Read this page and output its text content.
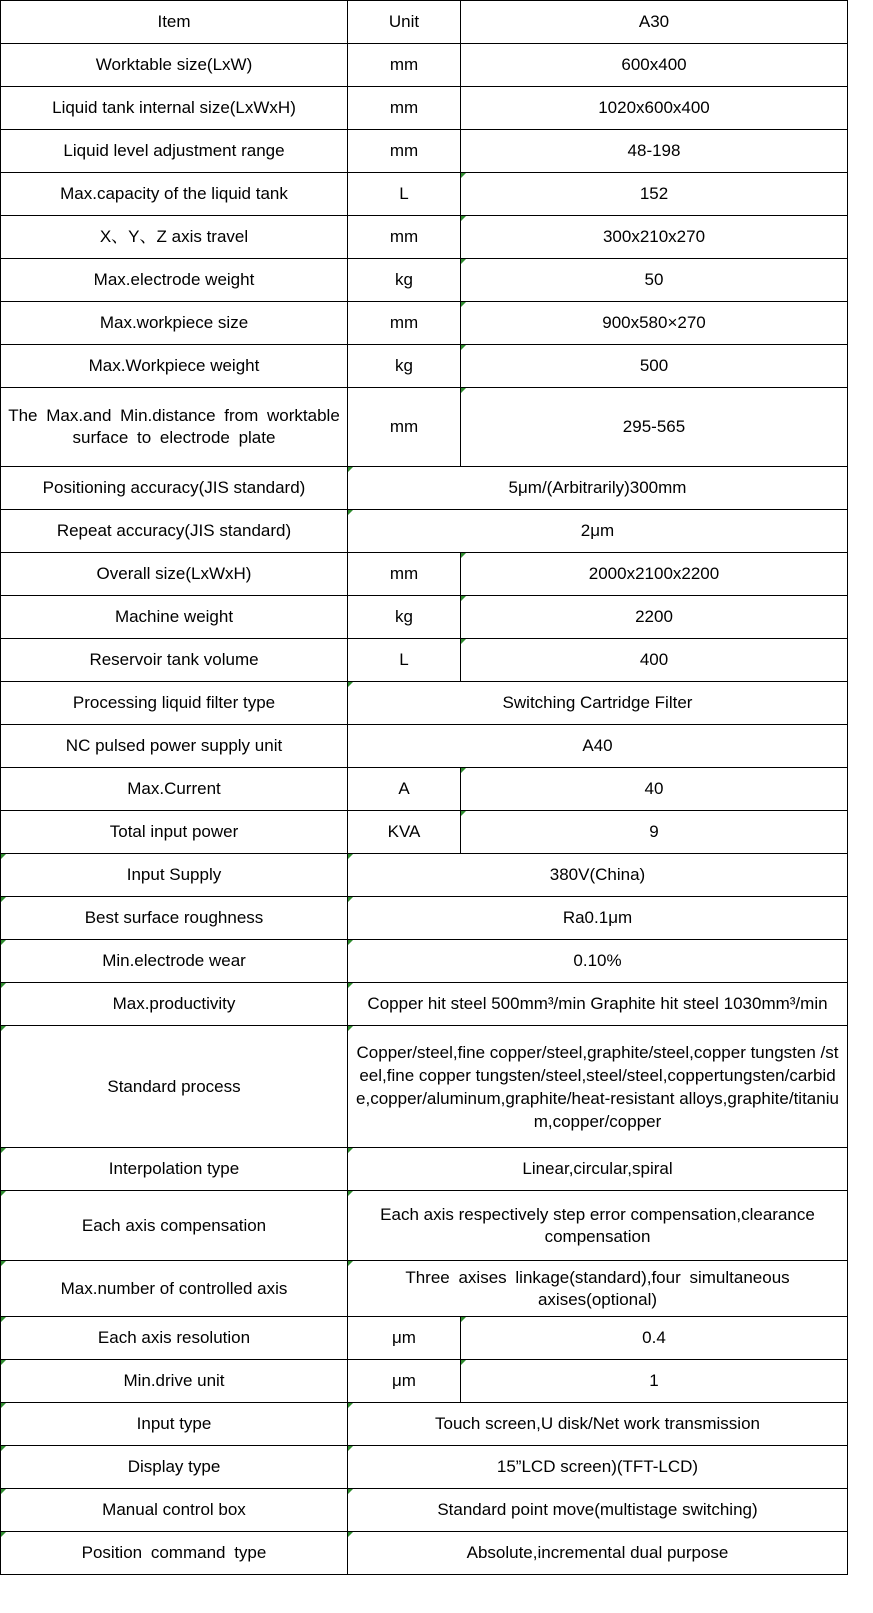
Item	Unit	A30
Worktable size(LxW)	mm	600x400
Liquid tank internal size(LxWxH)	mm	1020x600x400
Liquid level adjustment range	mm	48-198
Max.capacity of the liquid tank	L	152
X、Y、Z axis travel	mm	300x210x270
Max.electrode weight	kg	50
Max.workpiece size	mm	900x580×270
Max.Workpiece weight	kg	500
The Max.and Min.distance from worktable surface to electrode plate	mm	295-565
Positioning accuracy(JIS standard)	5μm/(Arbitrarily)300mm	
Repeat accuracy(JIS standard)	2μm	
Overall size(LxWxH)	mm	2000x2100x2200
Machine weight	kg	2200
Reservoir tank volume	L	400
Processing liquid filter type	Switching Cartridge Filter	
NC pulsed power supply unit	A40	
Max.Current	A	40
Total input power	KVA	9

Input Supply	380V(China)	

Best surface roughness	Ra0.1μm	

Min.electrode wear	0.10%	

Max.productivity	Copper hit steel 500mm³/min Graphite hit steel 1030mm³/min	

Standard process	Copper/steel,fine copper/steel,graphite/steel,copper tungsten /steel,fine copper tungsten/steel,steel/steel,coppertungsten/carbide,copper/aluminum,graphite/heat-resistant alloys,graphite/titanium,copper/copper	

Interpolation type	Linear,circular,spiral	

Each axis compensation	Each axis respectively step error compensation,clearance compensation	

Max.number of controlled axis	Three axises linkage(standard),four simultaneous axises(optional)	

Each axis resolution	μm	0.4

Min.drive unit	μm	1

Input type	Touch screen,U disk/Net work transmission	

Display type	15”LCD screen)(TFT-LCD)	

Manual control box	Standard point move(multistage switching)	

Position command type	Absolute,incremental dual purpose	
